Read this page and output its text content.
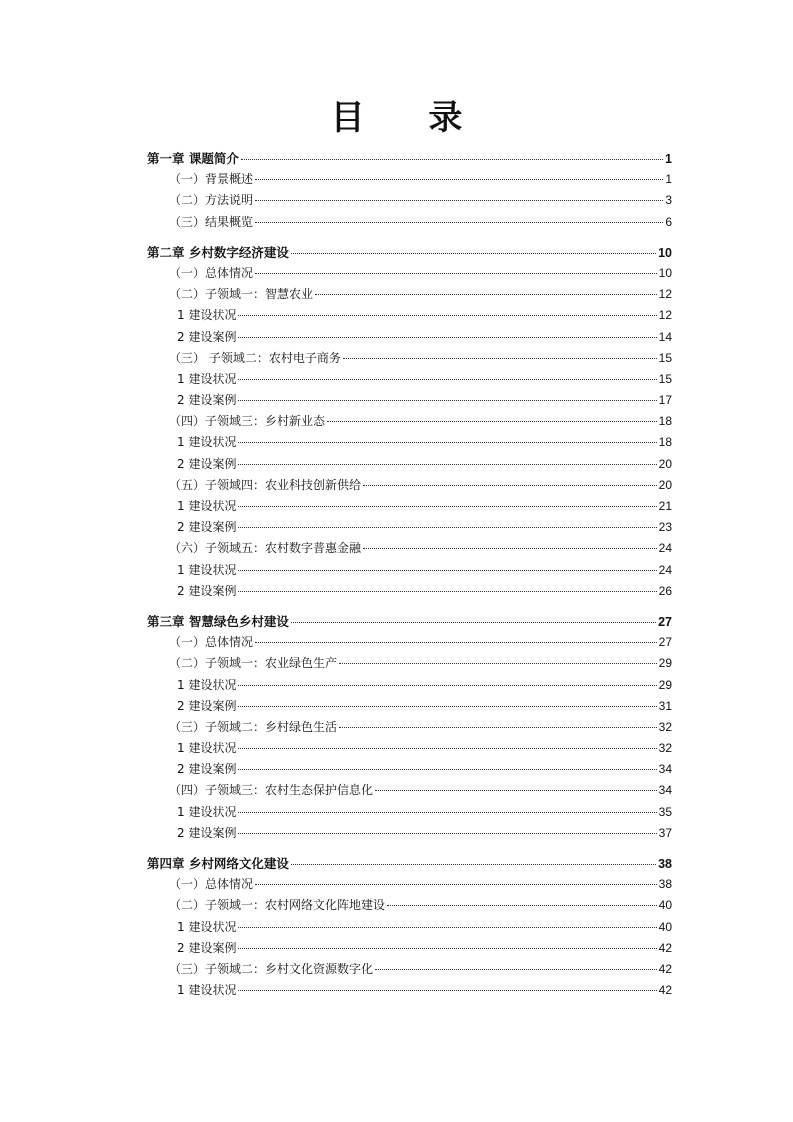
目 录
第一章 课题简介	1
（一）背景概述	1
（二）方法说明	3
（三）结果概览	6
第二章 乡村数字经济建设	10
（一）总体情况	10
（二）子领域一：智慧农业	12
1 建设状况	12
2 建设案例	14
（三） 子领域二：农村电子商务	15
1 建设状况	15
2 建设案例	17
（四）子领域三：乡村新业态	18
1 建设状况	18
2 建设案例	20
（五）子领域四：农业科技创新供给	20
1 建设状况	21
2 建设案例	23
（六）子领域五：农村数字普惠金融	24
1 建设状况	24
2 建设案例	26
第三章 智慧绿色乡村建设	27
（一）总体情况	27
（二）子领域一：农业绿色生产	29
1 建设状况	29
2 建设案例	31
（三）子领域二：乡村绿色生活	32
1 建设状况	32
2 建设案例	34
（四）子领域三：农村生态保护信息化	34
1 建设状况	35
2 建设案例	37
第四章 乡村网络文化建设	38
（一）总体情况	38
（二）子领域一：农村网络文化阵地建设	40
1 建设状况	40
2 建设案例	42
（三）子领域二：乡村文化资源数字化	42
1 建设状况	42
